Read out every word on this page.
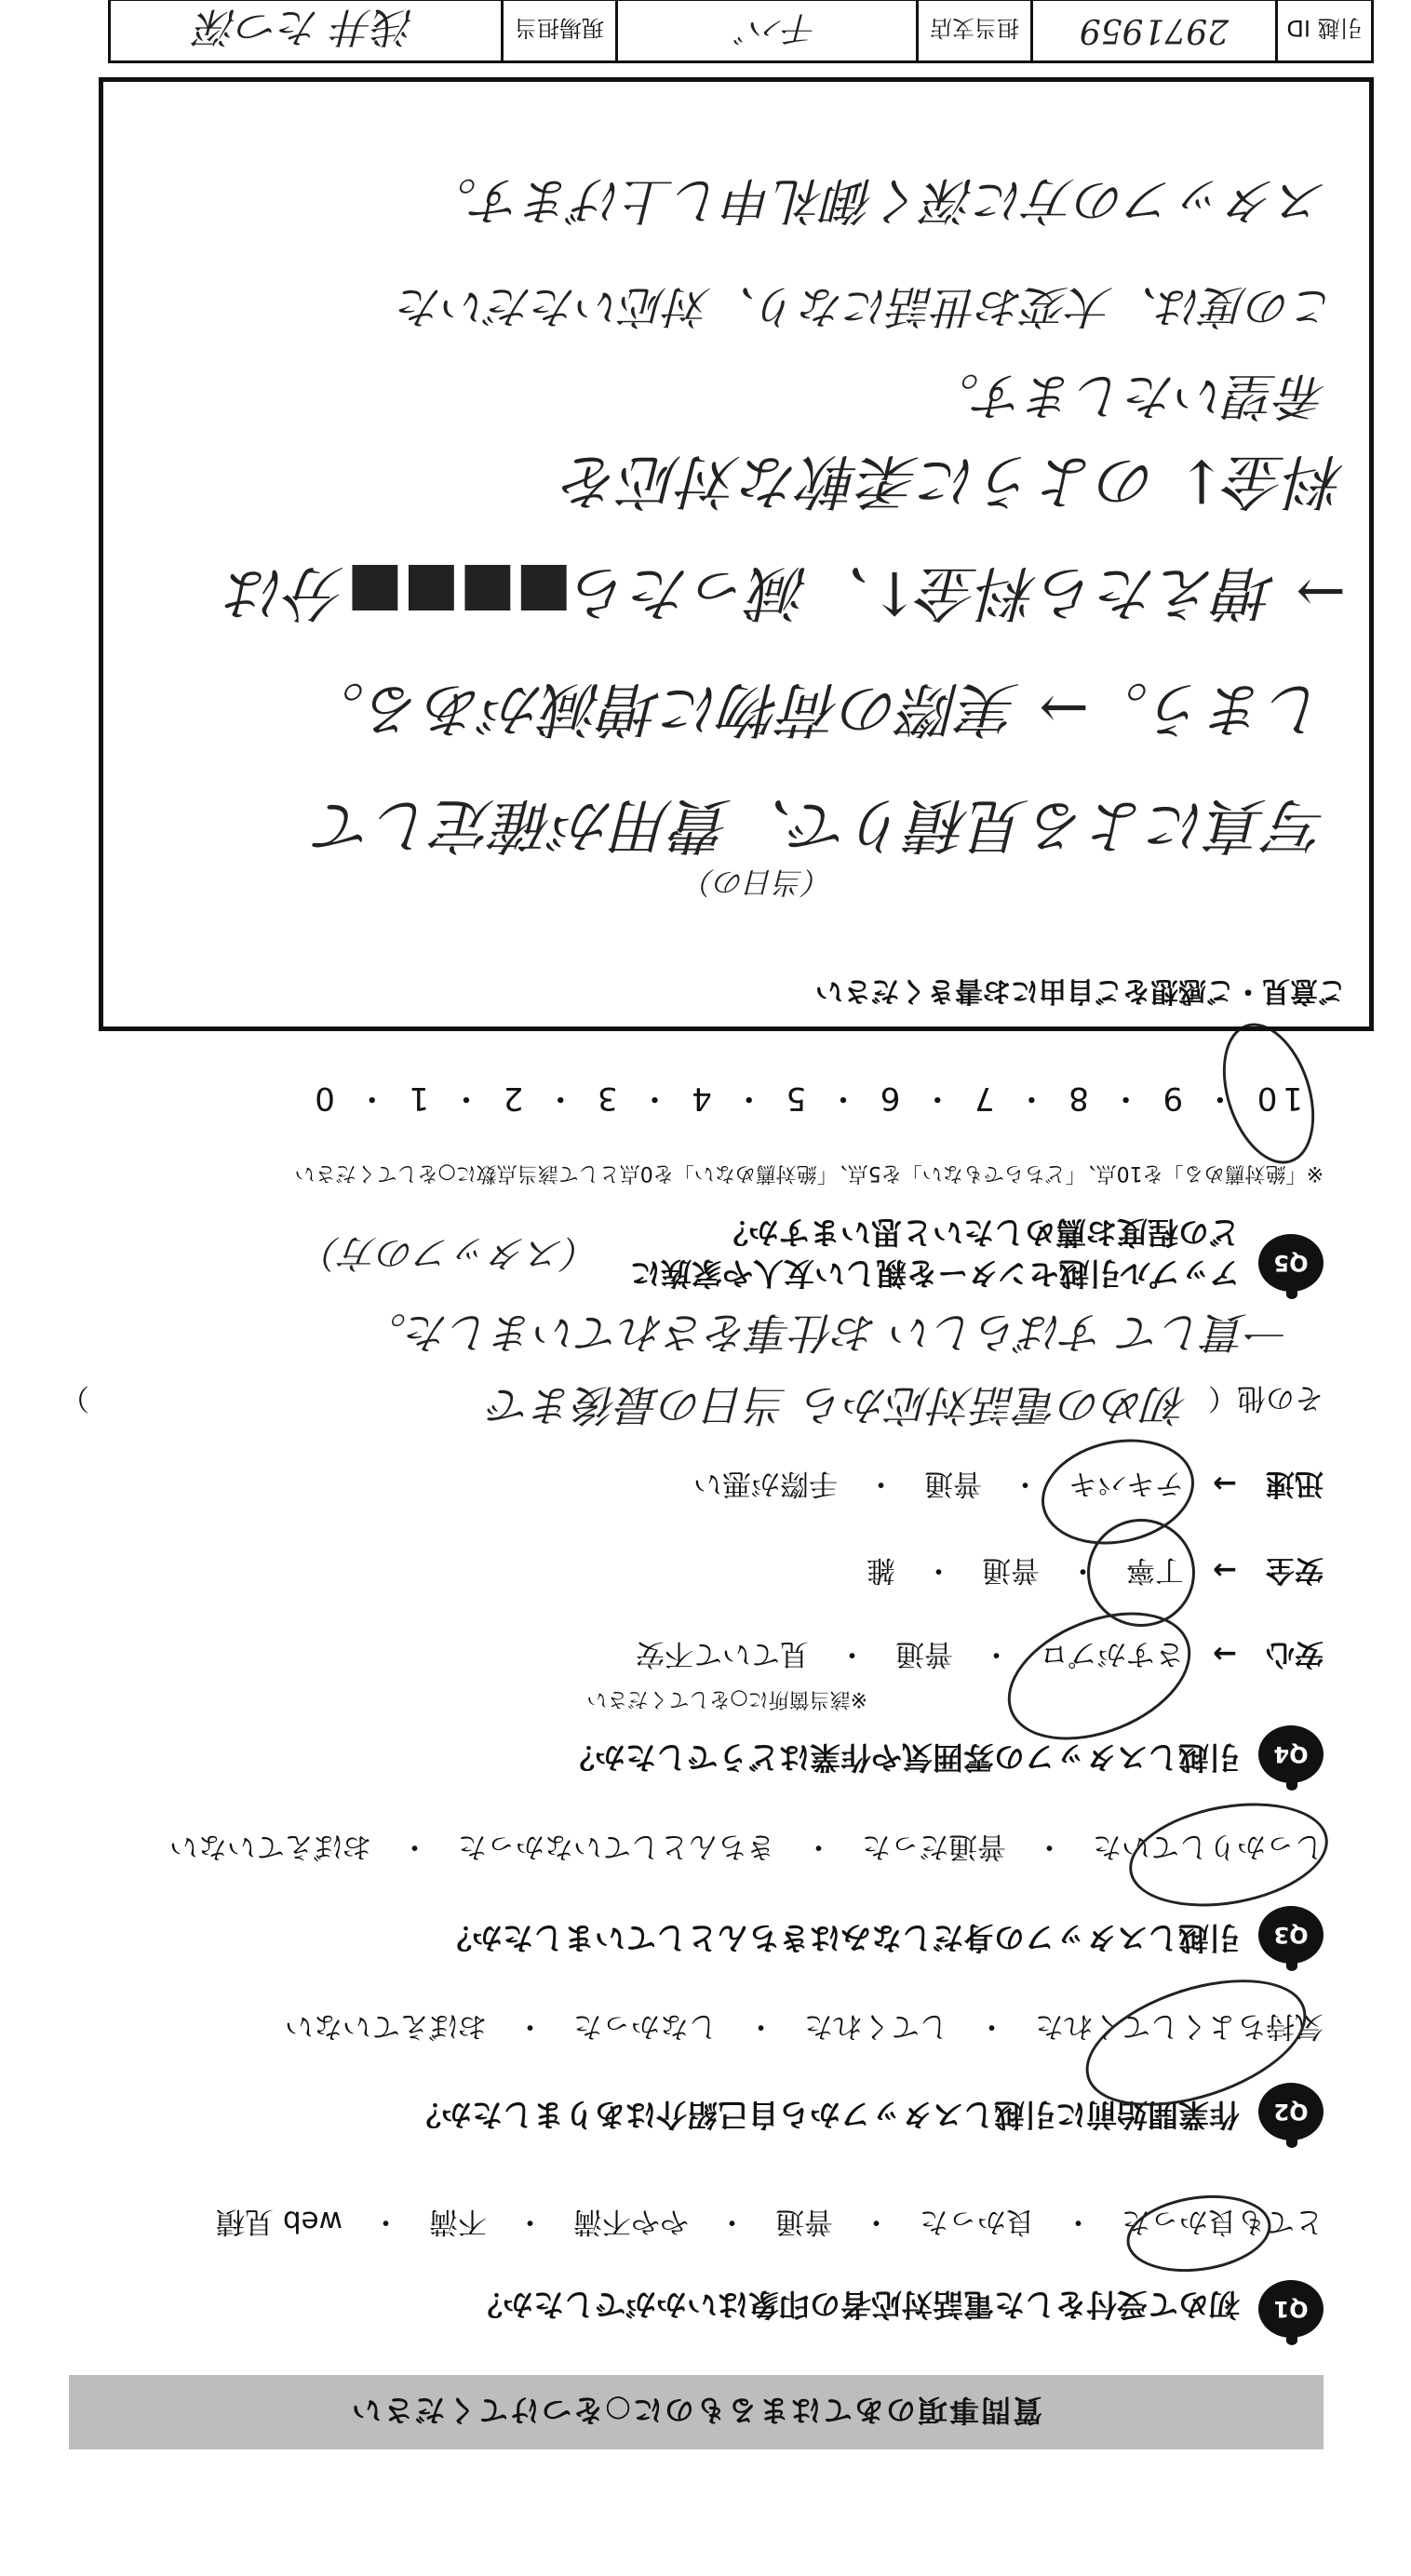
質問事項のあてはまるものに○をつけてください
Q1
初めて受付をした電話対応者の印象はいかがでしたか？
とても良かった　・　良かった　・　普通　・　やや不満　・　不満　・　web 見積
Q2
作業開始前に引越しスタッフから自己紹介はありましたか？
気持ちよくしてくれた　・　してくれた　・　しなかった　・　おぼえていない
Q3
引越しスタッフの身だしなみはきちんとしていましたか？
しっかりしていた　・　普通だった　・　きちんとしていなかった　・　おぼえていない
Q4
引越しスタッフの雰囲気や作業はどうでしたか？
※該当箇所に○をしてください
安心　→
さすがプロ　・　普通　・　見ていて不安
安全　→
丁寧　・　普通　・　雑
迅速　→
テキパキ　・　普通　・　手際が悪い
その他（
）	初めの電話対応から 当日の最後まで
一貫して すばらしい お仕事をされていました。
Q5
アップル引越センターを親しい友人や家族に
どの程度お薦めしたいと思いますか？
（スタッフの方）
※「絶対薦める」を10点、「どちらでもない」を5点、「絶対薦めない」を0点として該当点数に○をしてください
10 ・ 9 ・ 8 ・ 7 ・ 6 ・ 5 ・ 4 ・ 3 ・ 2 ・ 1 ・ 0
ご意見・ご感想をご自由にお書きください
（当日の）
写真による見積りで、費用が確定して
しまう。→ 実際の荷物に増減がある。
→ 増えたら料金↑、減ったら■■■■分は
料金↓ のように柔軟な対応を
希望いたします。
この度は、大変お世話になり、対応いただいた
スタッフの方に深く御礼申し上げます。
引越 ID
2971959
担当支店
千ハ゛
現場担当
浅井 たつ深
